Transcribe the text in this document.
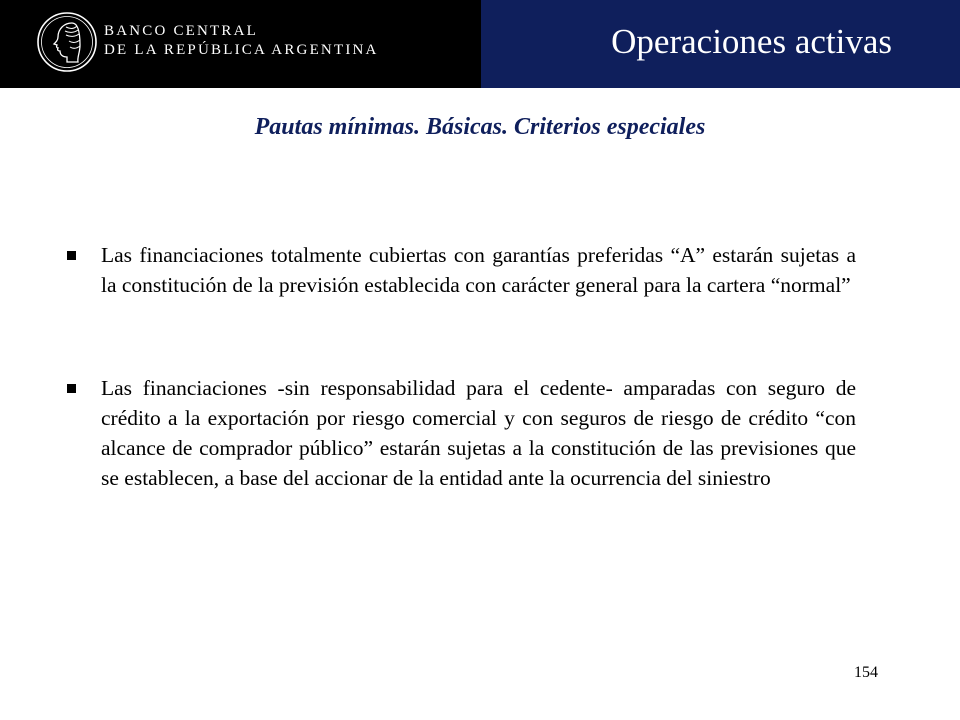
BANCO CENTRAL
DE LA REPÚBLICA ARGENTINA	Operaciones activas
Pautas mínimas. Básicas. Criterios especiales
Las financiaciones totalmente cubiertas con garantías preferidas “A” estarán sujetas a la constitución de la previsión establecida con carácter general para la cartera “normal”
Las financiaciones -sin responsabilidad para el cedente- amparadas con seguro de crédito a la exportación por riesgo comercial y con seguros de riesgo de crédito “con alcance de comprador público” estarán sujetas a la constitución de las previsiones que se establecen, a base del accionar de la entidad ante la ocurrencia del siniestro
154
